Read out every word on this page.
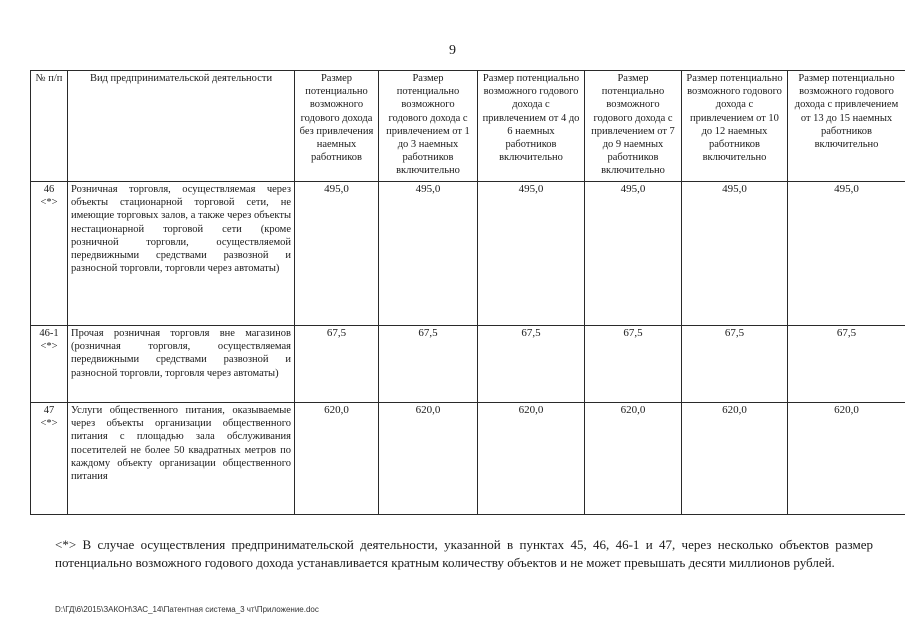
9
№ п/п	Вид предпринимательской деятельности	Размер потенциально возможного годового дохода без привлечения наемных работников	Размер потенциально возможного годового дохода с привлечением от 1 до 3 наемных работников включительно	Размер потенциально возможного годового дохода с привлечением от 4 до 6 наемных работников включительно	Размер потенциально возможного годового дохода с привлечением от 7 до 9 наемных работников включительно	Размер потенциально возможного годового дохода с привлечением от 10 до 12 наемных работников включительно	Размер потенциально возможного годового дохода с привлечением от 13 до 15 наемных работников включительно
46 <*>	Розничная торговля, осуществляемая через объекты стационарной торговой сети, не имеющие торговых залов, а также через объекты нестационарной торговой сети (кроме розничной торговли, осуществляемой передвижными средствами развозной и разносной торговли, торговли через автоматы)	495,0	495,0	495,0	495,0	495,0	495,0
46-1 <*>	Прочая розничная торговля вне магазинов (розничная торговля, осуществляемая передвижными средствами развозной и разносной торговли, торговля через автоматы)	67,5	67,5	67,5	67,5	67,5	67,5
47 <*>	Услуги общественного питания, оказываемые через объекты организации общественного питания с площадью зала обслуживания посетителей не более 50 квадратных метров по каждому объекту организации общественного питания	620,0	620,0	620,0	620,0	620,0	620,0
<*> В случае осуществления предпринимательской деятельности, указанной в пунктах 45, 46, 46-1 и 47, через несколько объектов размер потенциально возможного годового дохода устанавливается кратным количеству объектов и не может превышать десяти миллионов рублей.
D:\ГД\6\2015\ЗАКОН\ЗАС_14\Патентная система_3 чт\Приложение.doc
